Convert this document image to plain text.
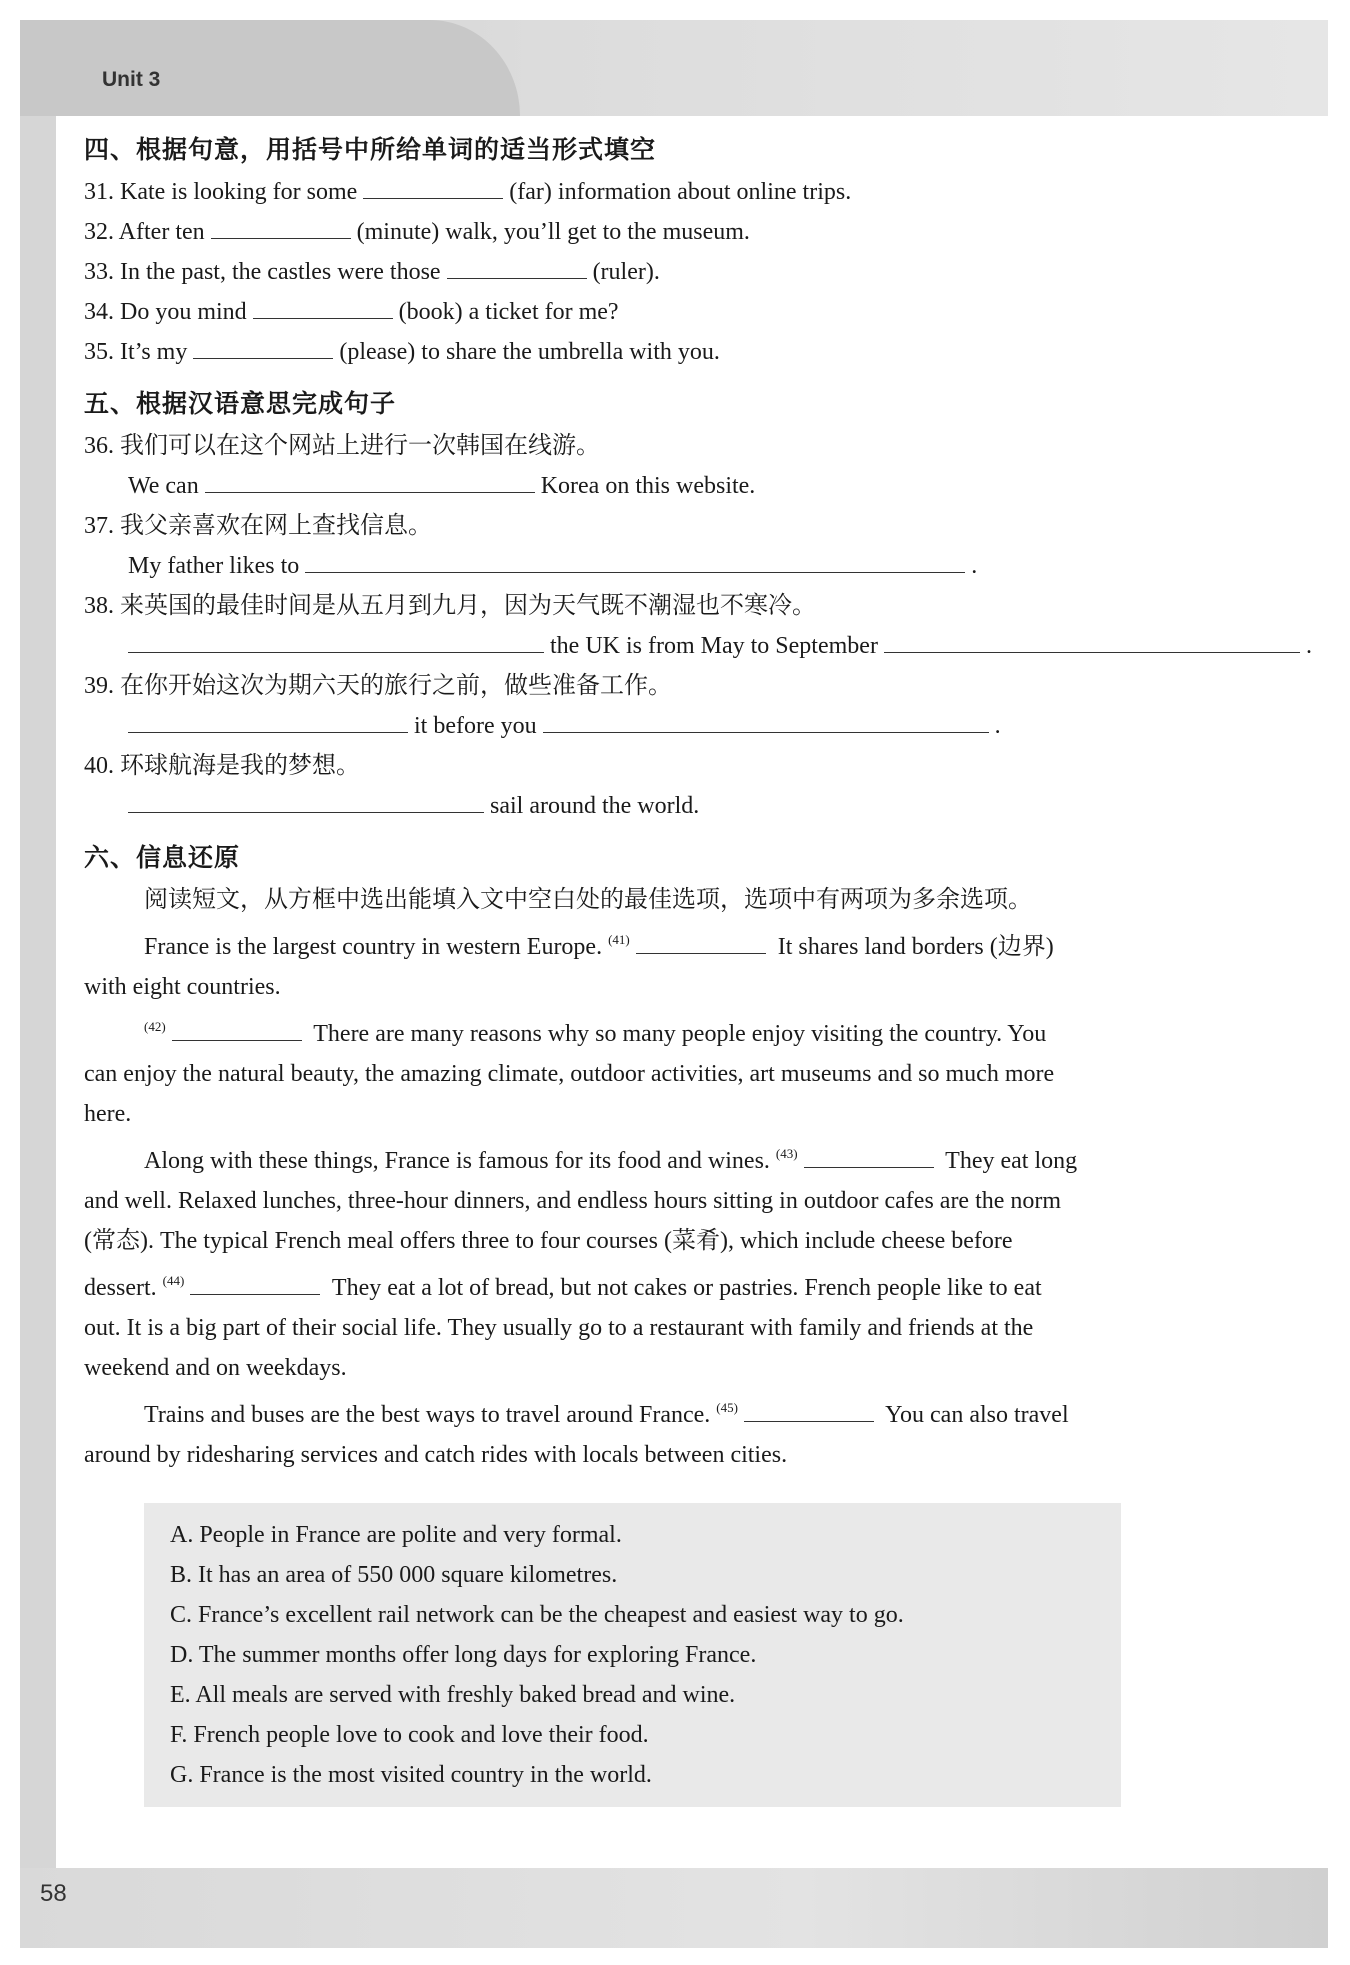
Unit 3
58
四、根据句意，用括号中所给单词的适当形式填空
31. Kate is looking for some	(far) information about online trips.
32. After ten	(minute) walk, you’ll get to the museum.
33. In the past, the castles were those	(ruler).
34. Do you mind	(book) a ticket for me?
35. It’s my	(please) to share the umbrella with you.
五、根据汉语意思完成句子
36. 我们可以在这个网站上进行一次韩国在线游。
We can	Korea on this website.
37. 我父亲喜欢在网上查找信息。
My father likes to	.
38. 来英国的最佳时间是从五月到九月，因为天气既不潮湿也不寒冷。
the UK is from May to September	.
39. 在你开始这次为期六天的旅行之前，做些准备工作。
it before you	.
40. 环球航海是我的梦想。
sail around the world.
六、信息还原

阅读短文，从方框中选出能填入文中空白处的最佳选项，选项中有两项为多余选项。

France is the largest country in western Europe. $^{(41)}$	It shares land borders (边界)

with eight countries.

$^{(42)}$	There are many reasons why so many people enjoy visiting the country. You

can enjoy the natural beauty, the amazing climate, outdoor activities, art museums and so much more

here.

Along with these things, France is famous for its food and wines. $^{(43)}$	They eat long

and well. Relaxed lunches, three-hour dinners, and endless hours sitting in outdoor cafes are the norm

(常态). The typical French meal offers three to four courses (菜肴), which include cheese before

dessert. $^{(44)}$	They eat a lot of bread, but not cakes or pastries. French people like to eat

out. It is a big part of their social life. They usually go to a restaurant with family and friends at the

weekend and on weekdays.

Trains and buses are the best ways to travel around France. $^{(45)}$	You can also travel

around by ridesharing services and catch rides with locals between cities.

A. People in France are polite and very formal.
B. It has an area of 550 000 square kilometres.
C. France’s excellent rail network can be the cheapest and easiest way to go.
D. The summer months offer long days for exploring France.
E. All meals are served with freshly baked bread and wine.
F. French people love to cook and love their food.
G. France is the most visited country in the world.
